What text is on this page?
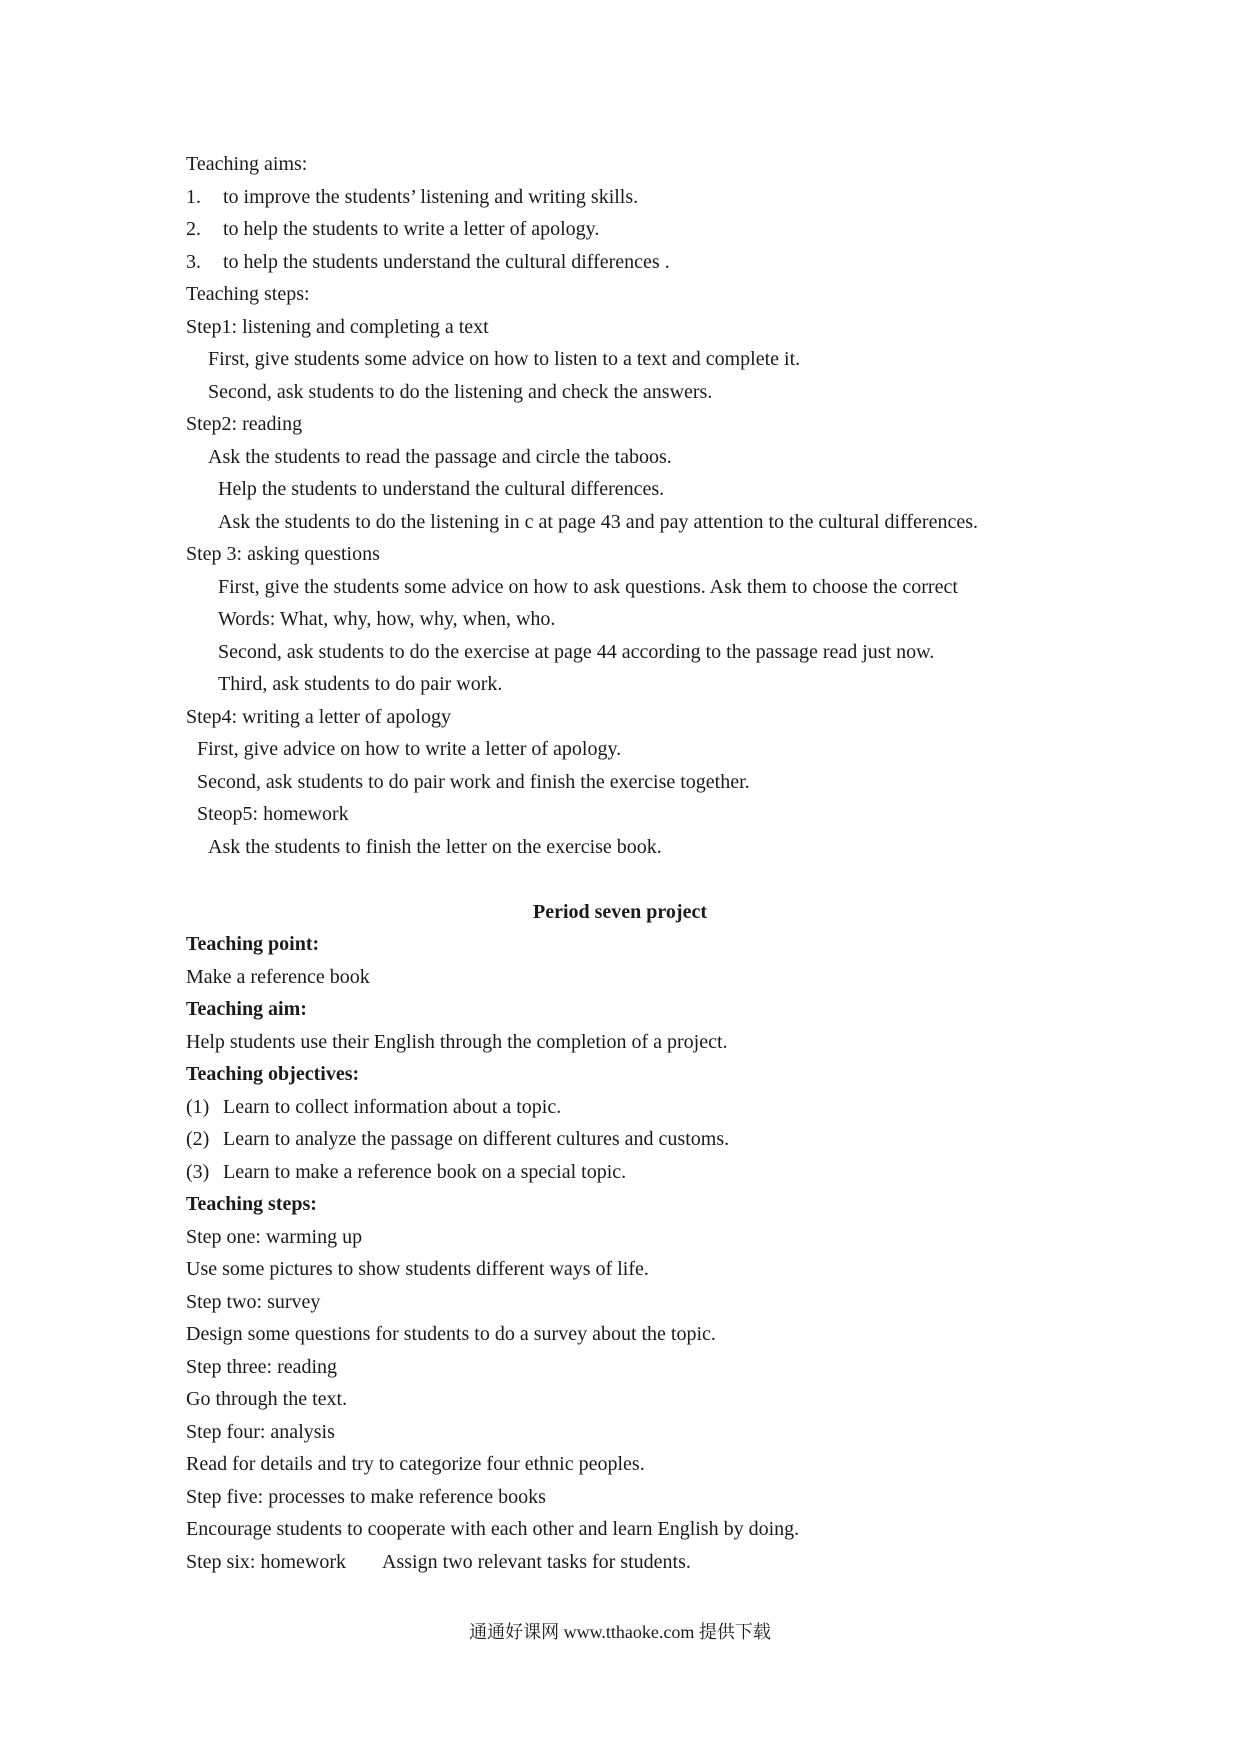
Teaching aims:
1. to improve the students’ listening and writing skills.
2. to help the students to write a letter of apology.
3. to help the students understand the cultural differences .
Teaching steps:
Step1: listening and completing a text
First, give students some advice on how to listen to a text and complete it.
Second, ask students to do the listening and check the answers.
Step2: reading
Ask the students to read the passage and circle the taboos.
Help the students to understand the cultural differences.
Ask the students to do the listening in c at page 43 and pay attention to the cultural differences.
Step 3: asking questions
First, give the students some advice on how to ask questions. Ask them to choose the correct
Words: What, why, how, why, when, who.
Second, ask students to do the exercise at page 44 according to the passage read just now.
Third, ask students to do pair work.
Step4: writing a letter of apology
First, give advice on how to write a letter of apology.
Second, ask students to do pair work and finish the exercise together.
Steop5: homework
Ask the students to finish the letter on the exercise book.
Period seven project
Teaching point:
Make a reference book
Teaching aim:
Help students use their English through the completion of a project.
Teaching objectives:
(1) Learn to collect information about a topic.
(2) Learn to analyze the passage on different cultures and customs.
(3) Learn to make a reference book on a special topic.
Teaching steps:
Step one: warming up
Use some pictures to show students different ways of life.
Step two: survey
Design some questions for students to do a survey about the topic.
Step three: reading
Go through the text.
Step four: analysis
Read for details and try to categorize four ethnic peoples.
Step five: processes to make reference books
Encourage students to cooperate with each other and learn English by doing.
Step six: homework Assign two relevant tasks for students.
通通好课网 www.tthaoke.com 提供下载
